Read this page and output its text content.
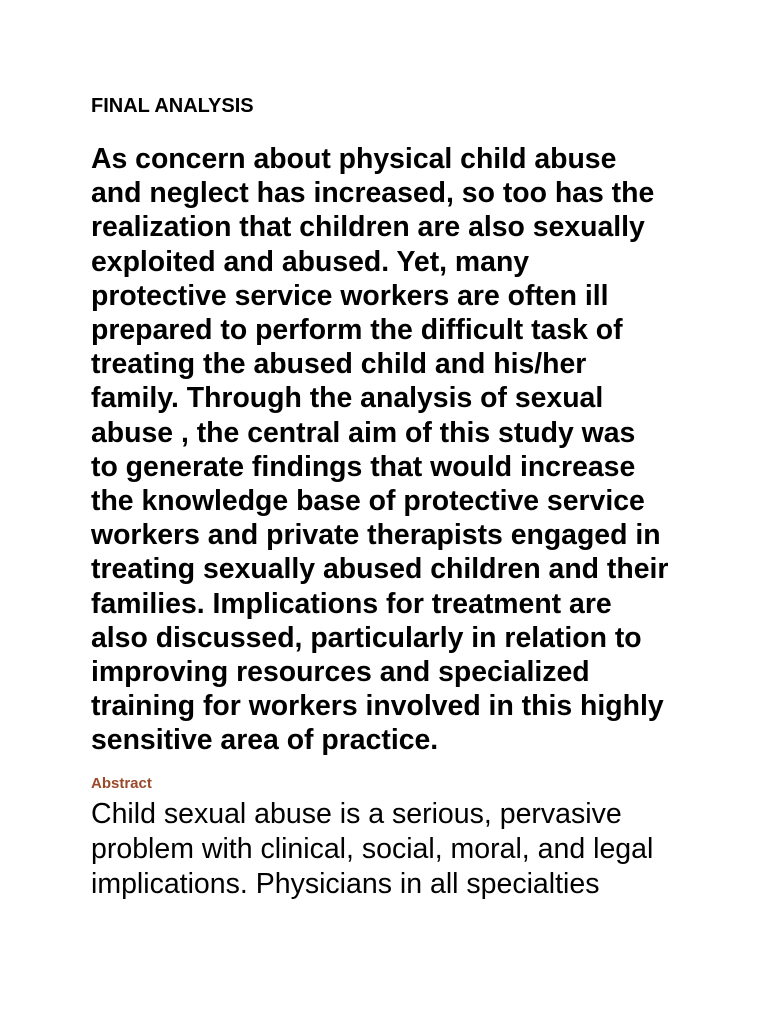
FINAL ANALYSIS

As concern about physical child abuse
and neglect has increased, so too has the
realization that children are also sexually
exploited and abused. Yet, many
protective service workers are often ill
prepared to perform the difficult task of
treating the abused child and his/her
family. Through the analysis of sexual
abuse , the central aim of this study was
to generate findings that would increase
the knowledge base of protective service
workers and private therapists engaged in
treating sexually abused children and their
families. Implications for treatment are
also discussed, particularly in relation to
improving resources and specialized
training for workers involved in this highly
sensitive area of practice.

Abstract

Child sexual abuse is a serious, pervasive
problem with clinical, social, moral, and legal
implications. Physicians in all specialties
